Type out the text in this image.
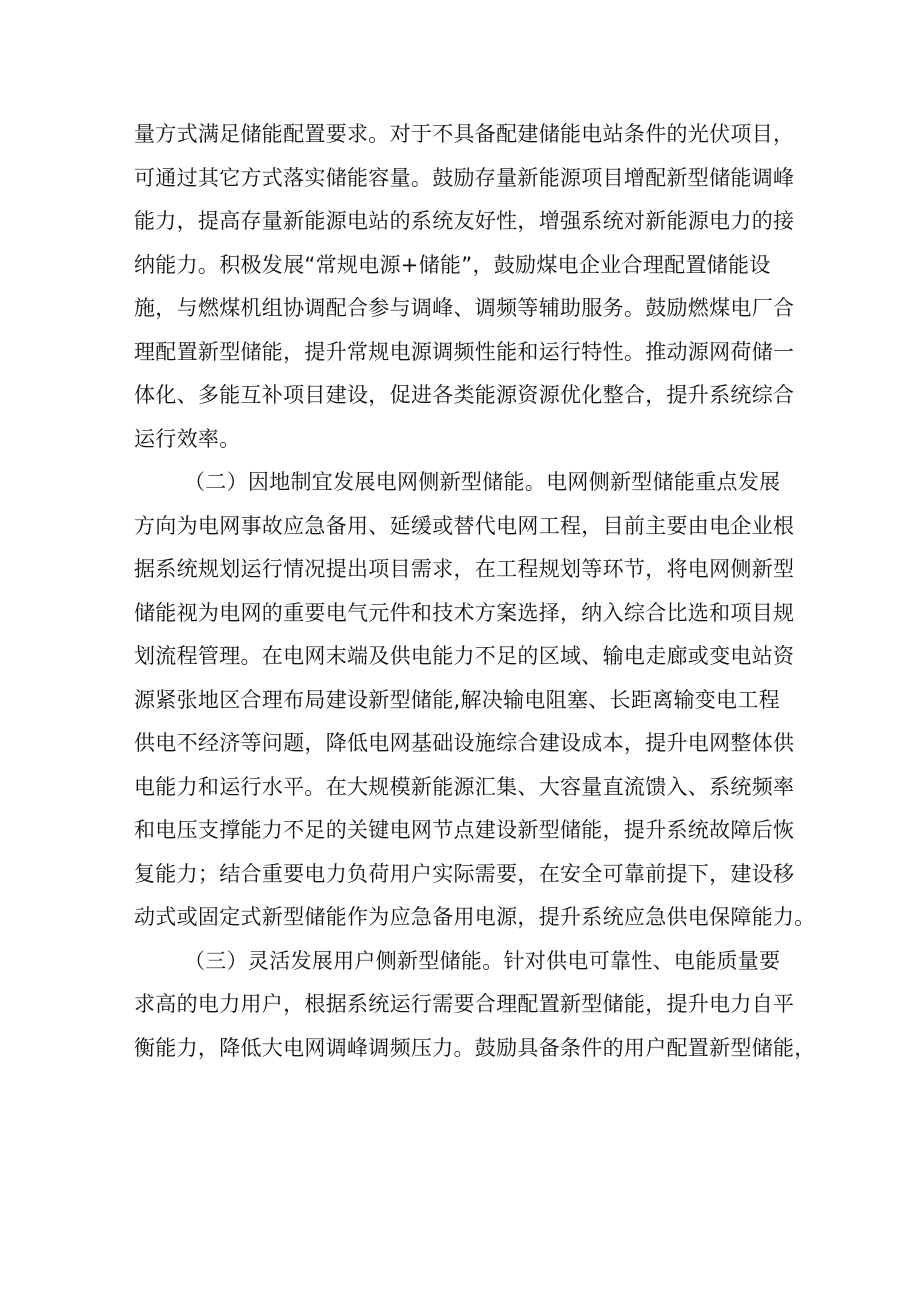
量方式满足储能配置要求。对于不具备配建储能电站条件的光伏项目，
可通过其它方式落实储能容量。鼓励存量新能源项目增配新型储能调峰
能力，提高存量新能源电站的系统友好性，增强系统对新能源电力的接
纳能力。积极发展“常规电源+储能”，鼓励煤电企业合理配置储能设
施，与燃煤机组协调配合参与调峰、调频等辅助服务。鼓励燃煤电厂合
理配置新型储能，提升常规电源调频性能和运行特性。推动源网荷储一
体化、多能互补项目建设，促进各类能源资源优化整合，提升系统综合
运行效率。
（二）因地制宜发展电网侧新型储能。电网侧新型储能重点发展
方向为电网事故应急备用、延缓或替代电网工程，目前主要由电企业根
据系统规划运行情况提出项目需求，在工程规划等环节，将电网侧新型
储能视为电网的重要电气元件和技术方案选择，纳入综合比选和项目规
划流程管理。在电网末端及供电能力不足的区域、输电走廊或变电站资
源紧张地区合理布局建设新型储能,解决输电阻塞、长距离输变电工程
供电不经济等问题，降低电网基础设施综合建设成本，提升电网整体供
电能力和运行水平。在大规模新能源汇集、大容量直流馈入、系统频率
和电压支撑能力不足的关键电网节点建设新型储能，提升系统故障后恢
复能力；结合重要电力负荷用户实际需要，在安全可靠前提下，建设移
动式或固定式新型储能作为应急备用电源，提升系统应急供电保障能力。
（三）灵活发展用户侧新型储能。针对供电可靠性、电能质量要
求高的电力用户，根据系统运行需要合理配置新型储能，提升电力自平
衡能力，降低大电网调峰调频压力。鼓励具备条件的用户配置新型储能，
